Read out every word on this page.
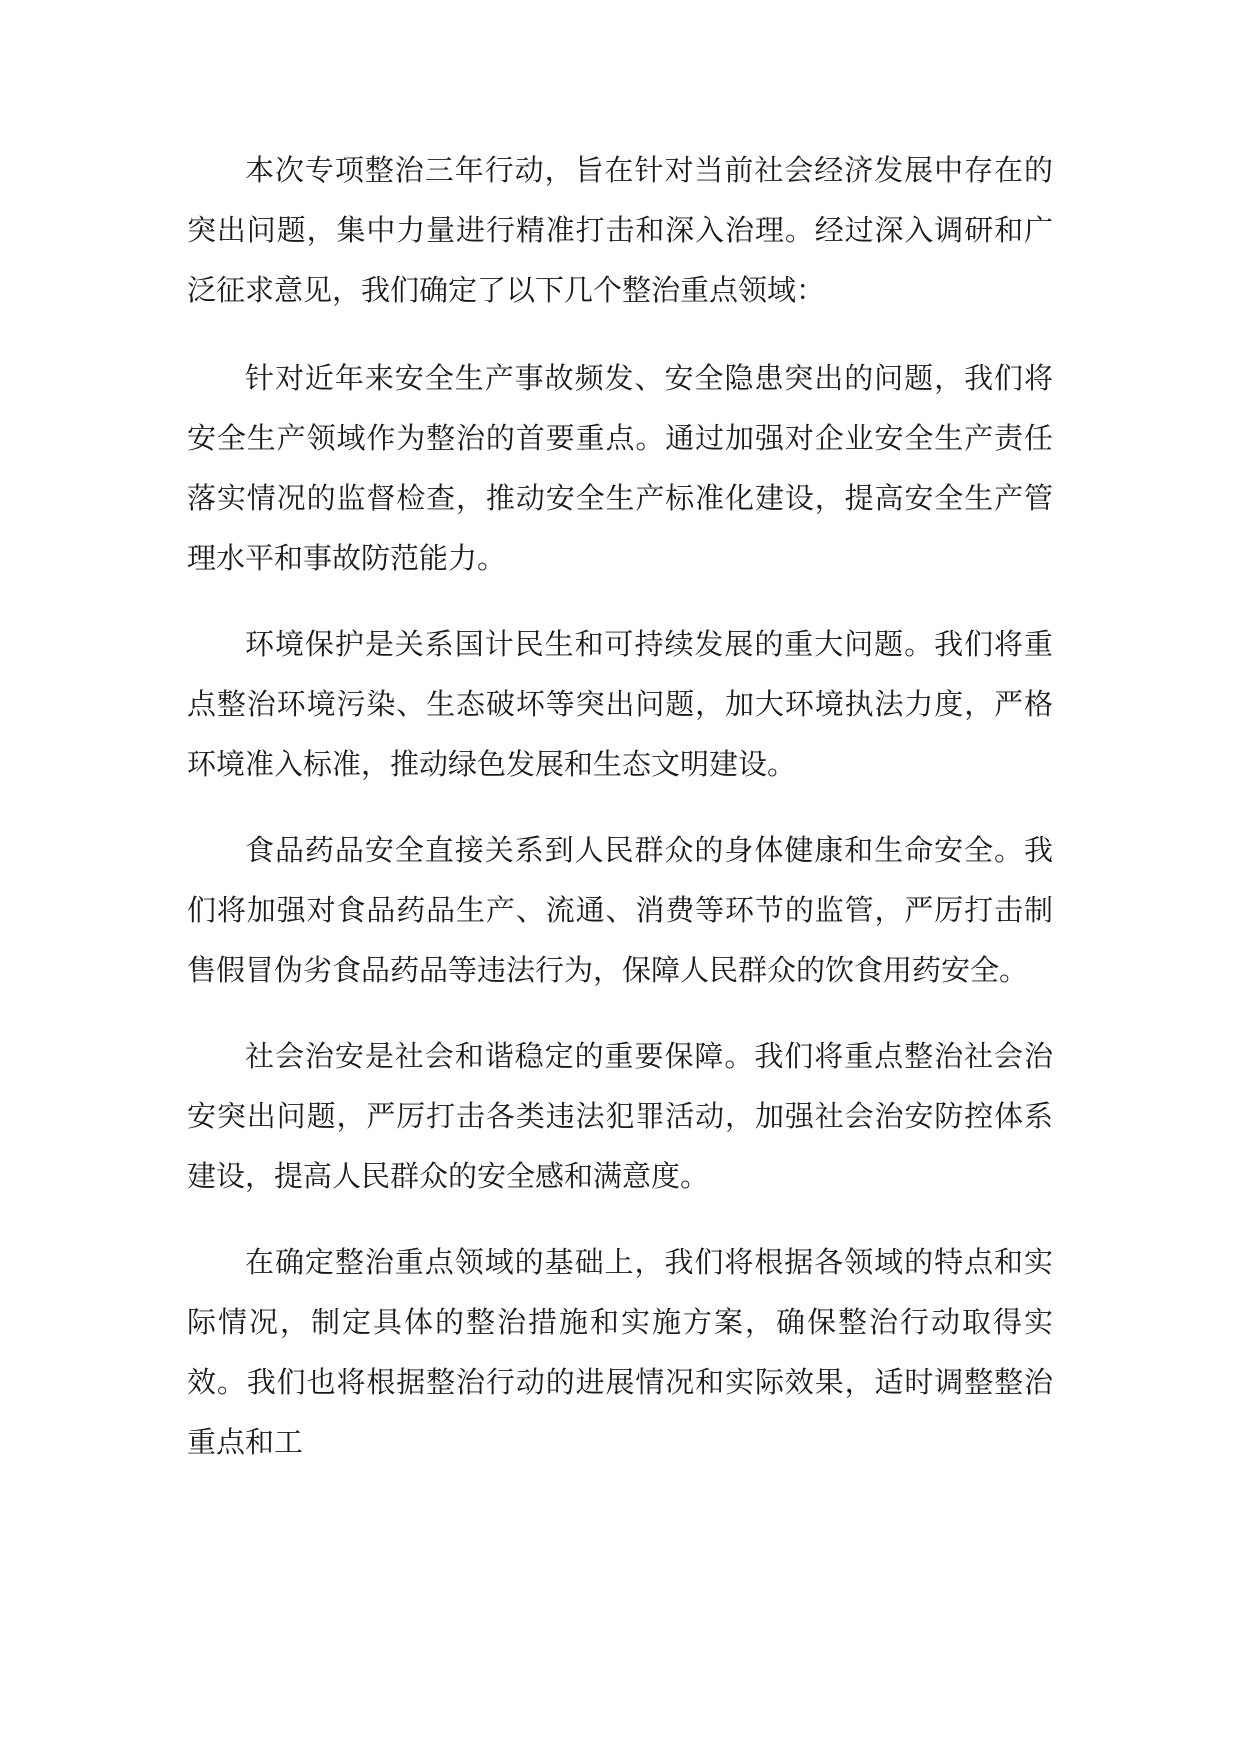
本次专项整治三年行动，旨在针对当前社会经济发展中存在的突出问题，集中力量进行精准打击和深入治理。经过深入调研和广泛征求意见，我们确定了以下几个整治重点领域：

针对近年来安全生产事故频发、安全隐患突出的问题，我们将安全生产领域作为整治的首要重点。通过加强对企业安全生产责任落实情况的监督检查，推动安全生产标准化建设，提高安全生产管理水平和事故防范能力。

环境保护是关系国计民生和可持续发展的重大问题。我们将重点整治环境污染、生态破坏等突出问题，加大环境执法力度，严格环境准入标准，推动绿色发展和生态文明建设。

食品药品安全直接关系到人民群众的身体健康和生命安全。我们将加强对食品药品生产、流通、消费等环节的监管，严厉打击制售假冒伪劣食品药品等违法行为，保障人民群众的饮食用药安全。

社会治安是社会和谐稳定的重要保障。我们将重点整治社会治安突出问题，严厉打击各类违法犯罪活动，加强社会治安防控体系建设，提高人民群众的安全感和满意度。

在确定整治重点领域的基础上，我们将根据各领域的特点和实际情况，制定具体的整治措施和实施方案，确保整治行动取得实效。我们也将根据整治行动的进展情况和实际效果，适时调整整治重点和工
